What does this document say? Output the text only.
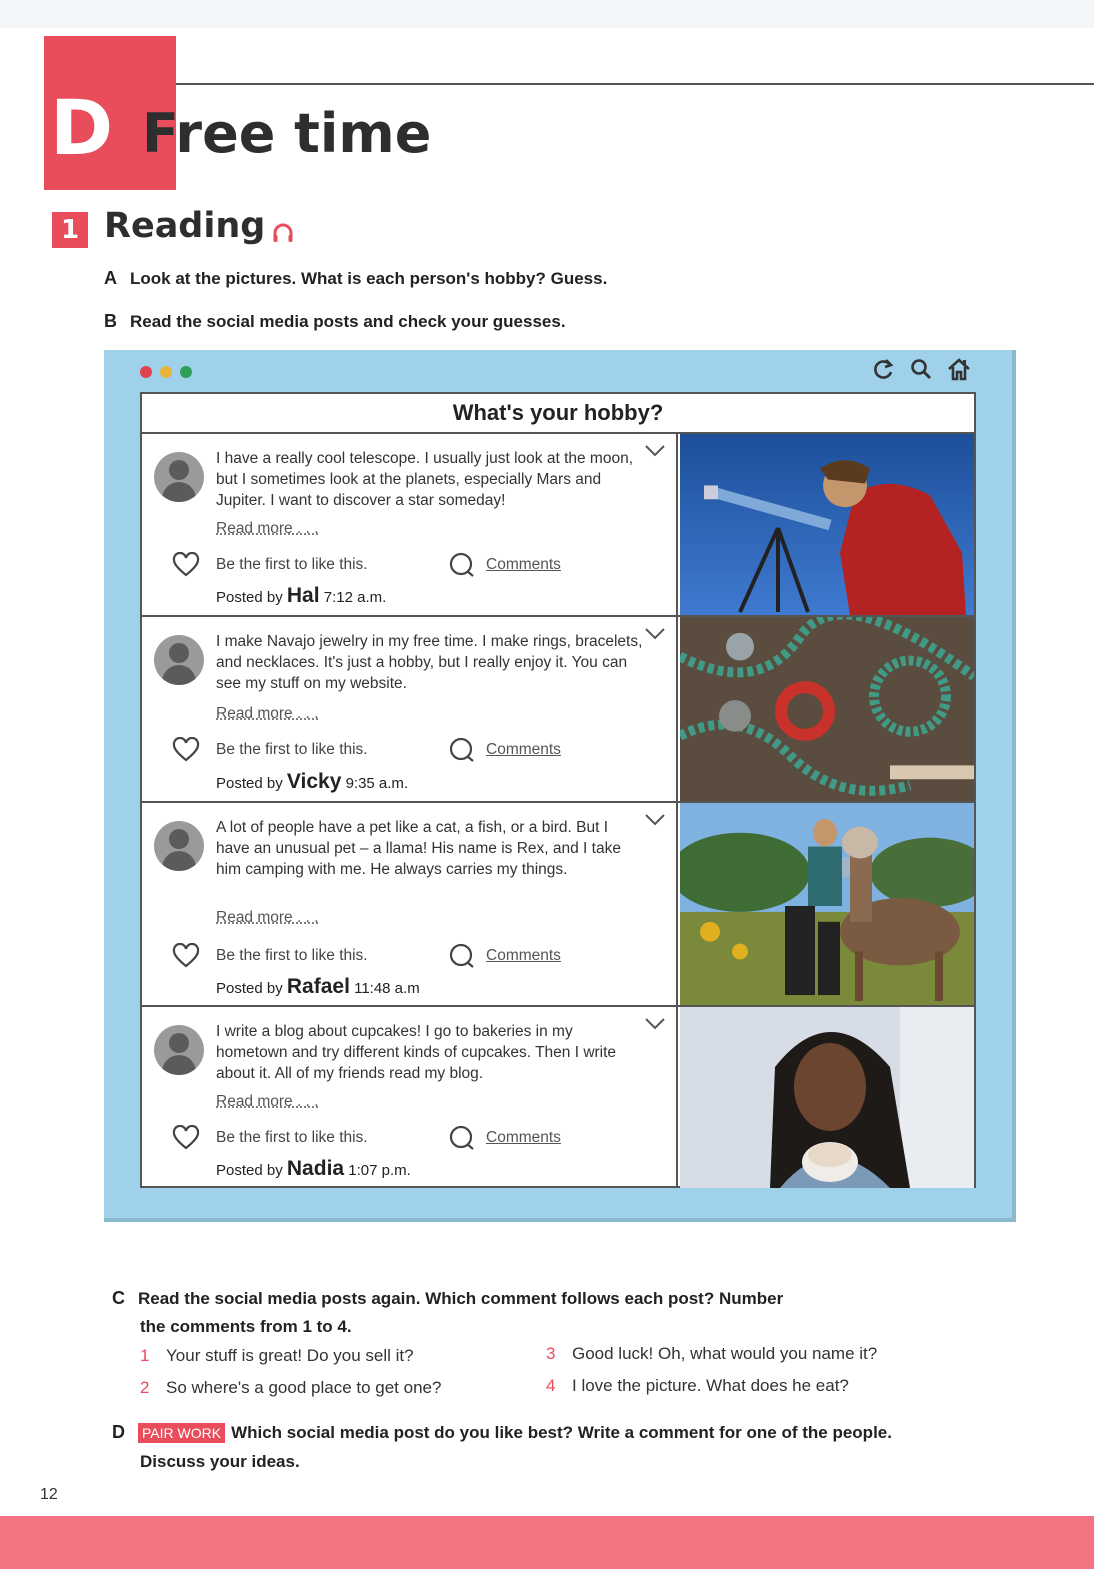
D Free time
1 Reading
A Look at the pictures. What is each person's hobby? Guess.
B Read the social media posts and check your guesses.
What's your hobby?
I have a really cool telescope. I usually just look at the moon, but I sometimes look at the planets, especially Mars and Jupiter. I want to discover a star someday!
Read more . . .
Be the first to like this.	Comments
Posted by Hal 7:12 a.m.
I make Navajo jewelry in my free time. I make rings, bracelets, and necklaces. It's just a hobby, but I really enjoy it. You can see my stuff on my website.
Read more . . .
Be the first to like this.	Comments
Posted by Vicky 9:35 a.m.
A lot of people have a pet like a cat, a fish, or a bird. But I have an unusual pet – a llama! His name is Rex, and I take him camping with me. He always carries my things.
Read more . . .
Be the first to like this.	Comments
Posted by Rafael 11:48 a.m
I write a blog about cupcakes! I go to bakeries in my hometown and try different kinds of cupcakes. Then I write about it. All of my friends read my blog.
Read more . . .
Be the first to like this.	Comments
Posted by Nadia 1:07 p.m.
C Read the social media posts again. Which comment follows each post? Number
the comments from 1 to 4.
1 Your stuff is great! Do you sell it?
2 So where's a good place to get one?
3 Good luck! Oh, what would you name it?
4 I love the picture. What does he eat?
D PAIR WORK Which social media post do you like best? Write a comment for one of the people.
Discuss your ideas.
12
